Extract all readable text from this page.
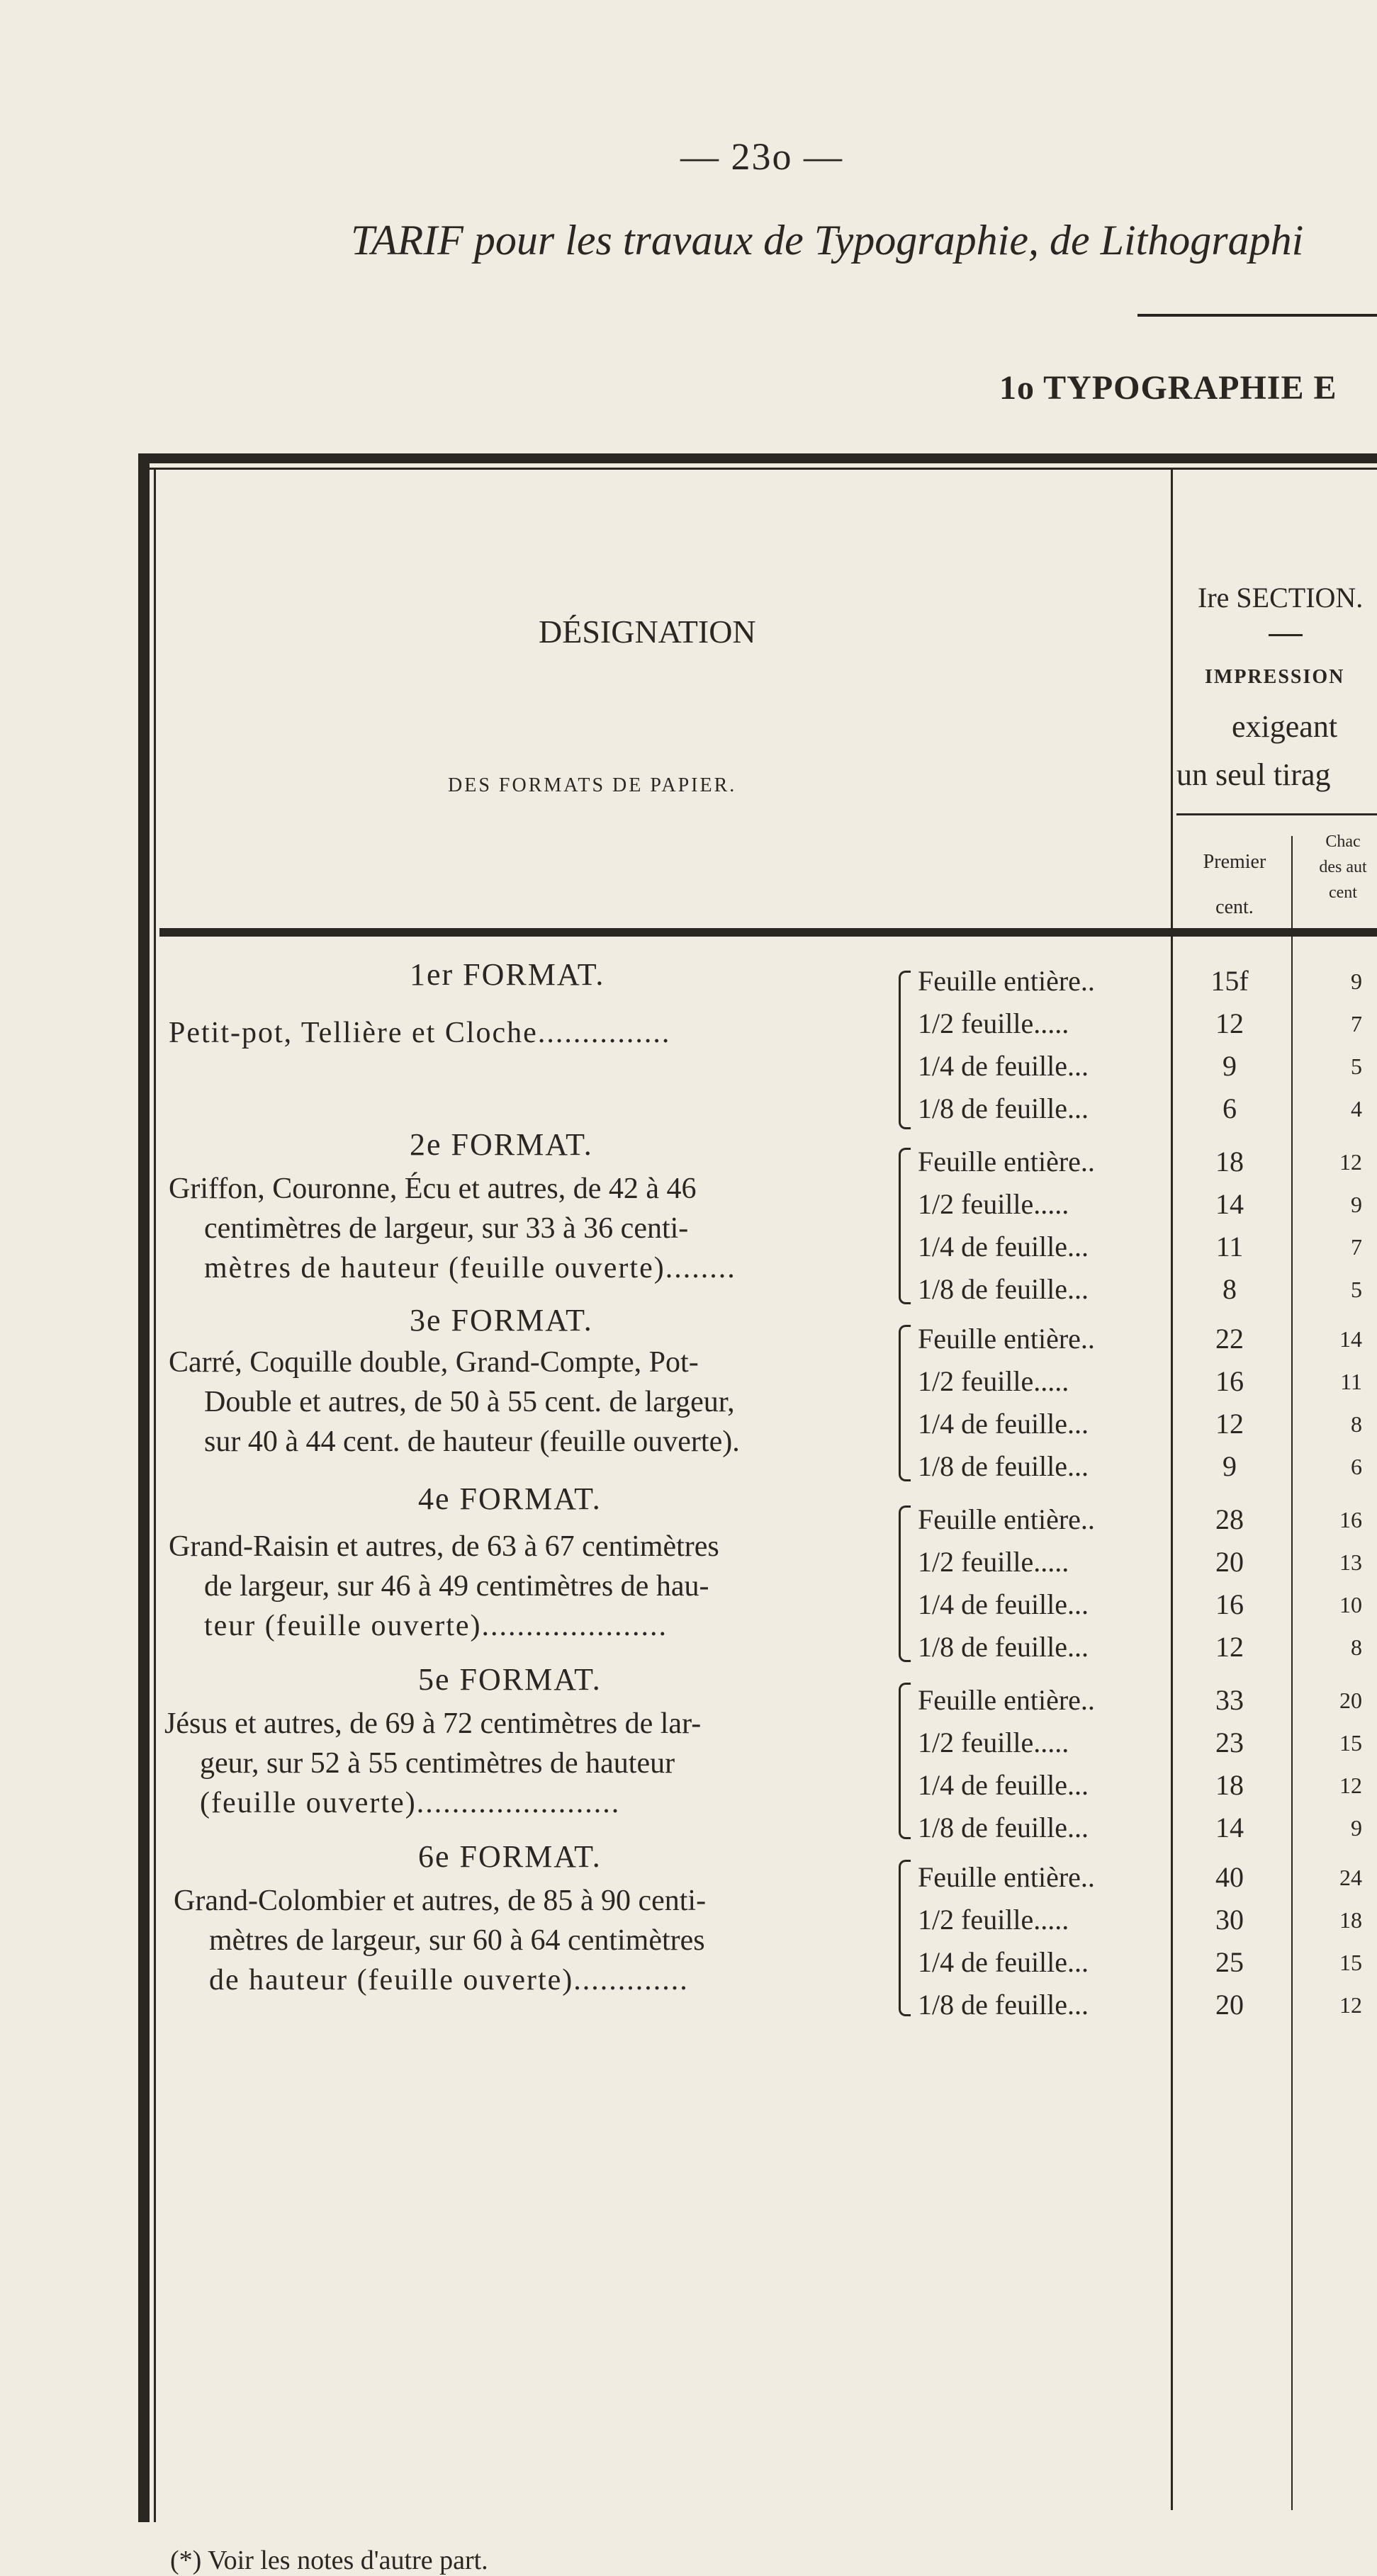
— 23o —
TARIF pour les travaux de Typographie, de Lithographi
1o TYPOGRAPHIE E
DÉSIGNATION
DES FORMATS DE PAPIER.
Ire SECTION.
IMPRESSION
exigeant
un seul tirag
Premier
cent.
Chac
des aut
cent
1er FORMAT.
Petit-pot, Tellière et Cloche...............
Feuille entière..
1/2 feuille.....
1/4 de feuille...
1/8 de feuille...
15f
12
9
6
9
7
5
4
2e FORMAT.
Griffon, Couronne, Écu et autres, de 42 à 46
centimètres de largeur, sur 33 à 36 centi-
mètres de hauteur (feuille ouverte)........
Feuille entière..
1/2 feuille.....
1/4 de feuille...
1/8 de feuille...
18
14
11
8
12
9
7
5
3e FORMAT.
Carré, Coquille double, Grand-Compte, Pot-
Double et autres, de 50 à 55 cent. de largeur,
sur 40 à 44 cent. de hauteur (feuille ouverte).
Feuille entière..
1/2 feuille.....
1/4 de feuille...
1/8 de feuille...
22
16
12
9
14
11
8
6
4e FORMAT.
Grand-Raisin et autres, de 63 à 67 centimètres
de largeur, sur 46 à 49 centimètres de hau-
teur (feuille ouverte).....................
Feuille entière..
1/2 feuille.....
1/4 de feuille...
1/8 de feuille...
28
20
16
12
16
13
10
8
5e FORMAT.
Jésus et autres, de 69 à 72 centimètres de lar-
geur, sur 52 à 55 centimètres de hauteur
(feuille ouverte).......................
Feuille entière..
1/2 feuille.....
1/4 de feuille...
1/8 de feuille...
33
23
18
14
20
15
12
9
6e FORMAT.
Grand-Colombier et autres, de 85 à 90 centi-
mètres de largeur, sur 60 à 64 centimètres
de hauteur (feuille ouverte).............
Feuille entière..
1/2 feuille.....
1/4 de feuille...
1/8 de feuille...
40
30
25
20
24
18
15
12
(*) Voir les notes d'autre part.
